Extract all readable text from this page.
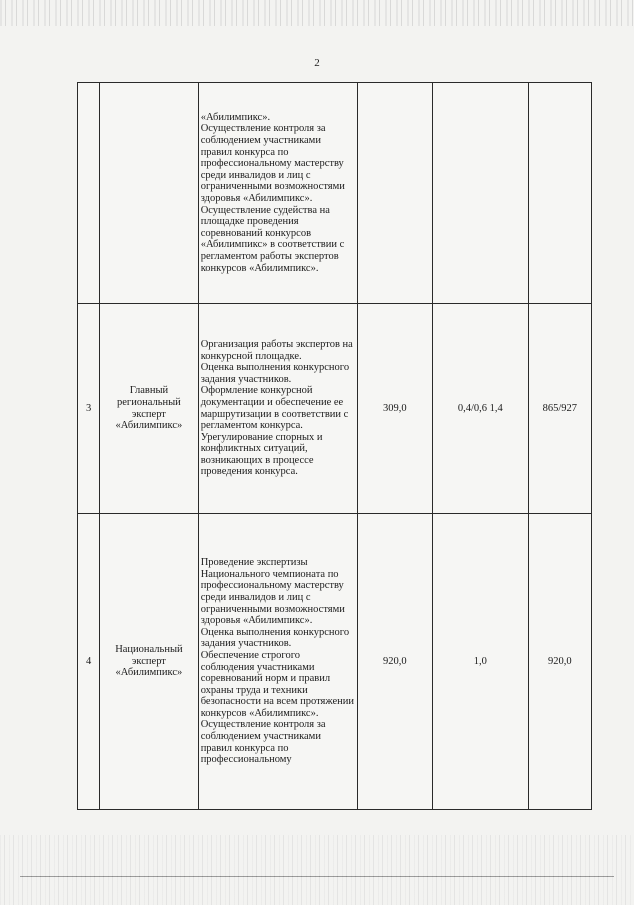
2

		«Абилимпикс».
Осуществление контроля за соблюдением участниками правил конкурса по профессиональному мастерству среди инвалидов и лиц с ограниченными возможностями здоровья «Абилимпикс».
Осуществление судейства на площадке проведения соревнований конкурсов «Абилимпикс» в соответствии с регламентом работы экспертов конкурсов «Абилимпикс».			

3	Главный региональный эксперт «Абилимпикс»	Организация работы экспертов на конкурсной площадке.
Оценка выполнения конкурсного задания участников.
Оформление конкурсной документации и обеспечение ее маршрутизации в соответствии с регламентом конкурса.
Урегулирование спорных и конфликтных ситуаций, возникающих в процессе проведения конкурса.	309,0	0,4/0,6 1,4	865/927
4	Национальный эксперт «Абилимпикс»	Проведение экспертизы Национального чемпионата по профессиональному мастерству среди инвалидов и лиц с ограниченными возможностями здоровья «Абилимпикс».
Оценка выполнения конкурсного задания участников.
Обеспечение строгого соблюдения участниками соревнований норм и правил охраны труда и техники безопасности на всем протяжении конкурсов «Абилимпикс».
Осуществление контроля за соблюдением участниками правил конкурса по профессиональному	920,0	1,0	920,0
